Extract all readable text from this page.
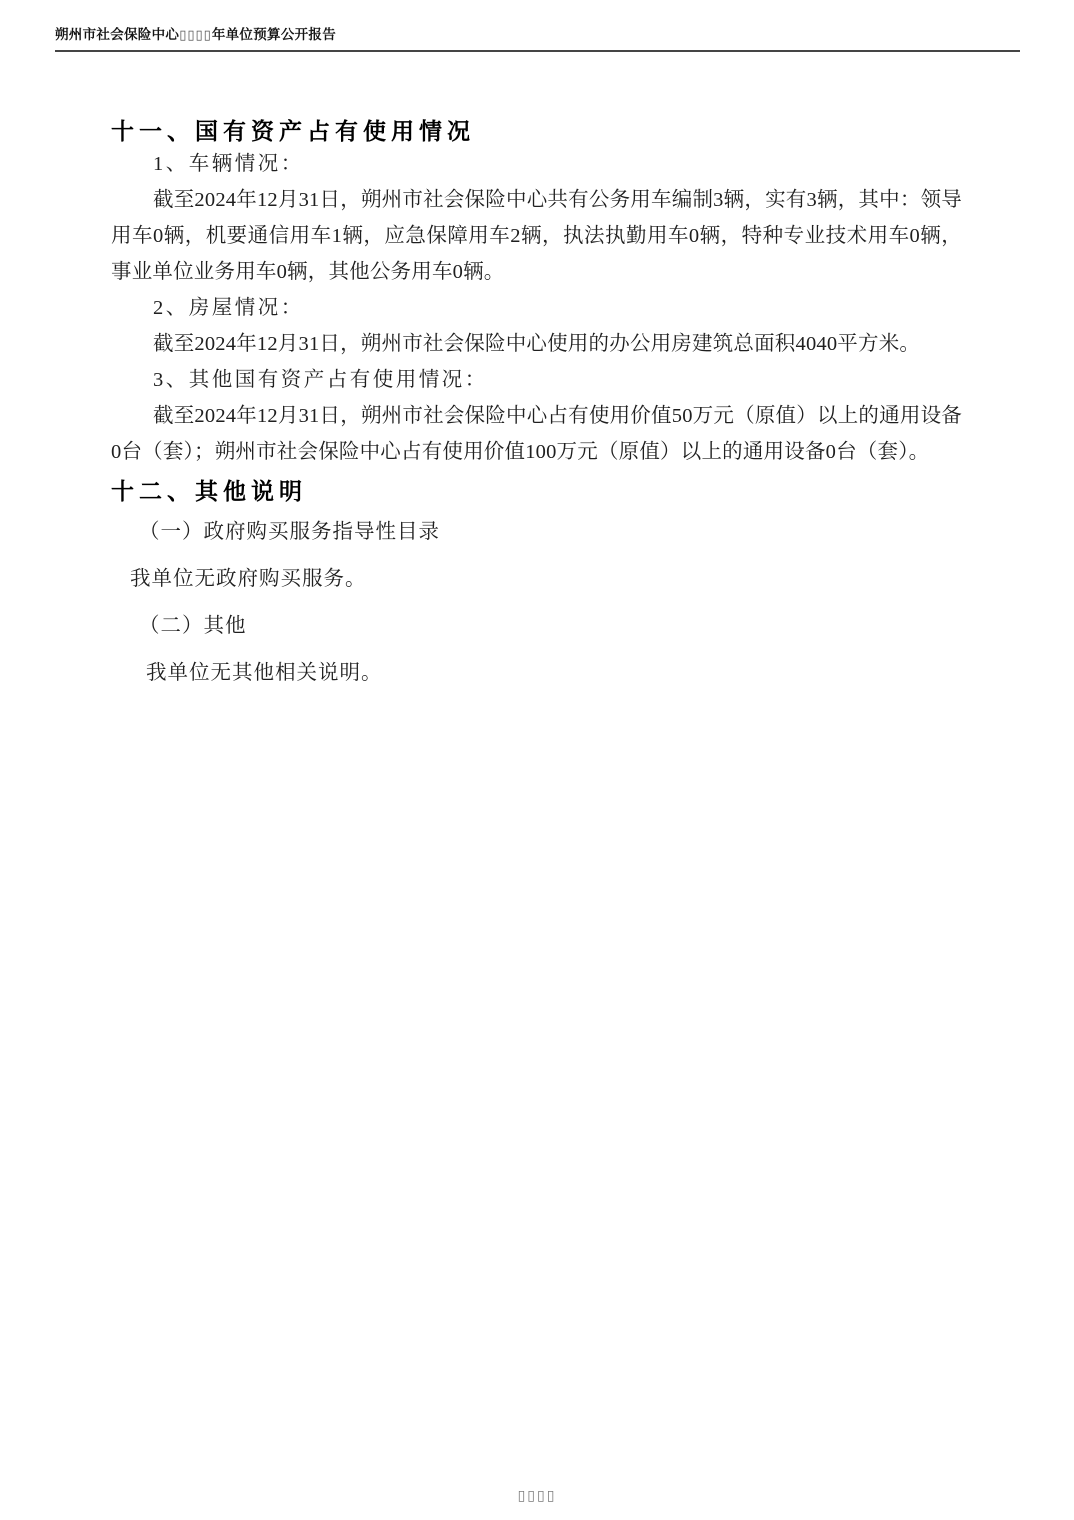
朔州市社会保险中心▯▯▯▯年单位预算公开报告
十一、国有资产占有使用情况

1、车辆情况：

截至2024年12月31日，朔州市社会保险中心共有公务用车编制3辆，实有3辆，其中：领导用车0辆，机要通信用车1辆，应急保障用车2辆，执法执勤用车0辆，特种专业技术用车0辆，事业单位业务用车0辆，其他公务用车0辆。

2、房屋情况：

截至2024年12月31日，朔州市社会保险中心使用的办公用房建筑总面积4040平方米。

3、其他国有资产占有使用情况：

截至2024年12月31日，朔州市社会保险中心占有使用价值50万元（原值）以上的通用设备0台（套）；朔州市社会保险中心占有使用价值100万元（原值）以上的通用设备0台（套）。

十二、其他说明

（一）政府购买服务指导性目录

我单位无政府购买服务。

（二）其他

我单位无其他相关说明。

▯▯▯▯
